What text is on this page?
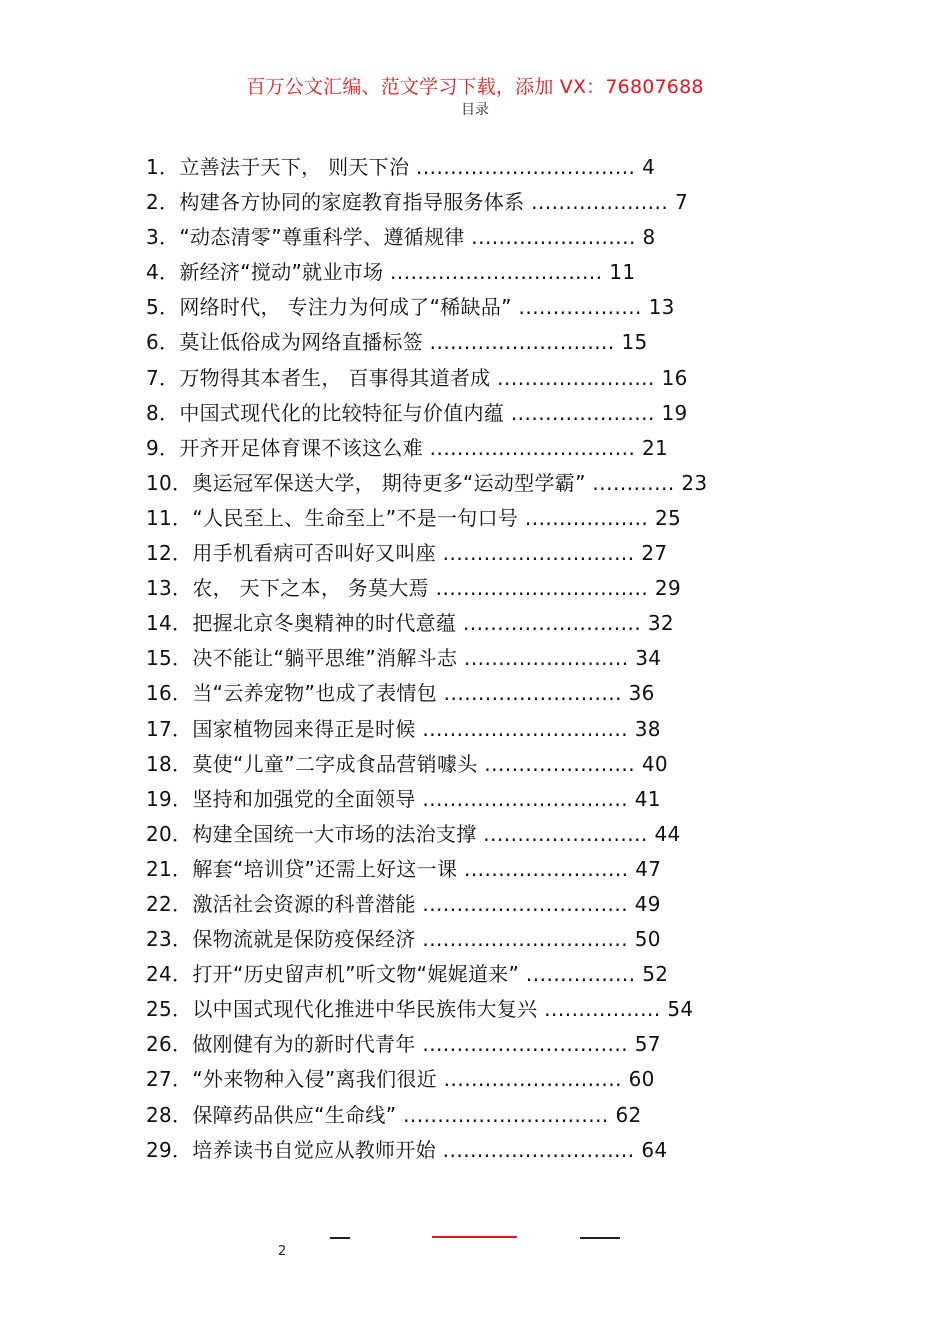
百万公文汇编、范文学习下载，添加 VX：76807688
目录
1．立善法于天下， 则天下治 ................................ 4
2．构建各方协同的家庭教育指导服务体系 .................... 7
3．“动态清零”尊重科学、遵循规律 ........................ 8
4．新经济“搅动”就业市场 ............................... 11
5．网络时代， 专注力为何成了“稀缺品” .................. 13
6．莫让低俗成为网络直播标签 ........................... 15
7．万物得其本者生， 百事得其道者成 ....................... 16
8．中国式现代化的比较特征与价值内蕴 ..................... 19
9．开齐开足体育课不该这么难 .............................. 21
10．奥运冠军保送大学， 期待更多“运动型学霸” ............ 23
11．“人民至上、生命至上”不是一句口号 .................. 25
12．用手机看病可否叫好又叫座 ............................ 27
13．农， 天下之本， 务莫大焉 ............................... 29
14．把握北京冬奥精神的时代意蕴 .......................... 32
15．决不能让“躺平思维”消解斗志 ........................ 34
16．当“云养宠物”也成了表情包 .......................... 36
17．国家植物园来得正是时候 .............................. 38
18．莫使“儿童”二字成食品营销噱头 ...................... 40
19．坚持和加强党的全面领导 .............................. 41
20．构建全国统一大市场的法治支撑 ........................ 44
21．解套“培训贷”还需上好这一课 ........................ 47
22．激活社会资源的科普潜能 .............................. 49
23．保物流就是保防疫保经济 .............................. 50
24．打开“历史留声机”听文物“娓娓道来” ................ 52
25．以中国式现代化推进中华民族伟大复兴 ................. 54
26．做刚健有为的新时代青年 .............................. 57
27．“外来物种入侵”离我们很近 .......................... 60
28．保障药品供应“生命线” .............................. 62
29．培养读书自觉应从教师开始 ............................ 64
2
